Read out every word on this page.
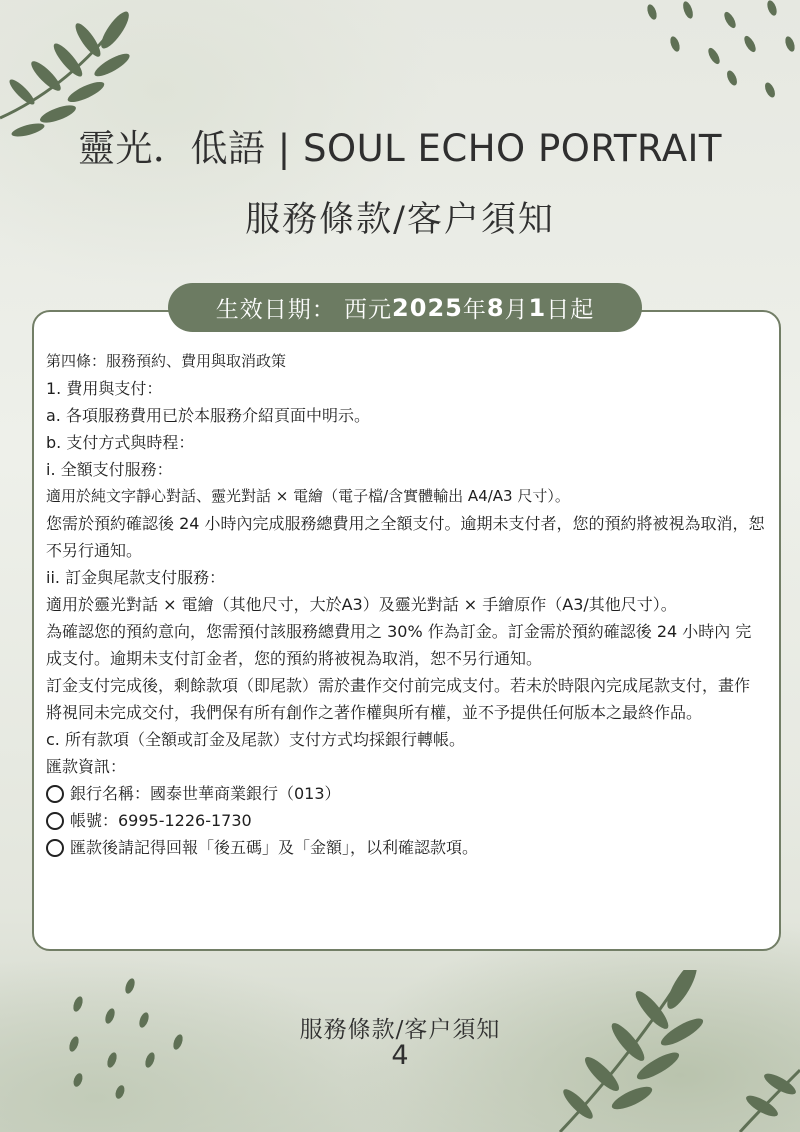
靈光．低語 | SOUL ECHO PORTRAIT
服務條款/客户須知
生效日期： 西元 2025 年 8 月 1 日起
第四條：服務預約、費用與取消政策
1. 費用與支付：
a. 各項服務費用已於本服務介紹頁面中明示。
b. 支付方式與時程：
i. 全額支付服務：
適用於純文字靜心對話、靈光對話 × 電繪（電子檔/含實體輸出 A4/A3 尺寸）。
您需於預約確認後 24 小時內完成服務總費用之全額支付。逾期未支付者，您的預約將被視為取消，恕不另行通知。
ii. 訂金與尾款支付服務：
適用於靈光對話 × 電繪（其他尺寸，大於A3）及靈光對話 × 手繪原作（A3/其他尺寸）。
為確認您的預約意向，您需預付該服務總費用之 30% 作為訂金。訂金需於預約確認後 24 小時內 完成支付。逾期未支付訂金者，您的預約將被視為取消，恕不另行通知。
訂金支付完成後，剩餘款項（即尾款）需於畫作交付前完成支付。若未於時限內完成尾款支付，畫作將視同未完成交付，我們保有所有創作之著作權與所有權，並不予提供任何版本之最終作品。
c. 所有款項（全額或訂金及尾款）支付方式均採銀行轉帳。
匯款資訊：
銀行名稱：國泰世華商業銀行（013）
帳號：6995-1226-1730
匯款後請記得回報「後五碼」及「金額」，以利確認款項。
服務條款/客户須知
4
